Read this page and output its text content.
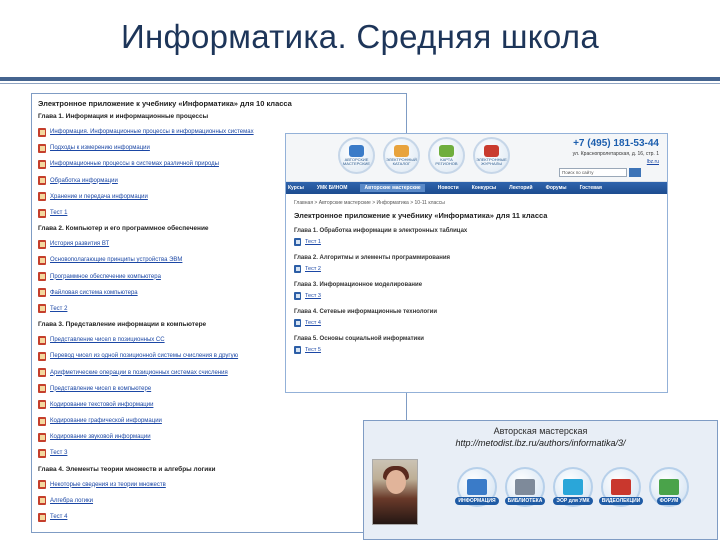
Информатика. Средняя школа
Электронное приложение к учебнику «Информатика» для 10 класса
Глава 1. Информация и информационные процессы
Информация. Информационные процессы в информационных системах
Подходы к измерению информации
Информационные процессы в системах различной природы
Обработка информации
Хранение и передача информации
Тест 1
Глава 2. Компьютер и его программное обеспечение
История развития ВТ
Основополагающие принципы устройства ЭВМ
Программное обеспечение компьютера
Файловая система компьютера
Тест 2
Глава 3. Представление информации в компьютере
Представление чисел в позиционных СС
Перевод чисел из одной позиционной системы счисления в другую
Арифметические операции в позиционных системах счисления
Представление чисел в компьютере
Кодирование текстовой информации
Кодирование графической информации
Кодирование звуковой информации
Тест 3
Глава 4. Элементы теории множеств и алгебры логики
Некоторые сведения из теории множеств
Алгебра логики
Тест 4
АВТОРСКИЕ МАСТЕРСКИЕ
ЭЛЕКТРОННЫЙ КАТАЛОГ
КАРТА РЕГИОНОВ
ЭЛЕКТРОННЫЕ ЖУРНАЛЫ
+7 (495) 181-53-44
ул. Краснопролетарская, д. 16, стр. 1
lbz.ru
Поиск по сайту
Курсы	УМК БИНОМ	Авторские мастерские	Новости	Конкурсы	Лекторий	Форумы	Гостевая
Главная > Авторские мастерские > Информатика > 10-11 классы
Электронное приложение к учебнику «Информатика» для 11 класса
Глава 1. Обработка информации в электронных таблицах
Тест 1
Глава 2. Алгоритмы и элементы программирования
Тест 2
Глава 3. Информационное моделирование
Тест 3
Глава 4. Сетевые информационные технологии
Тест 4
Глава 5. Основы социальной информатики
Тест 5
Авторская мастерская
http://metodist.lbz.ru/authors/informatika/3/
ИНФОРМАЦИЯ	БИБЛИОТЕКА	ЭОР для УМК	ВИДЕОЛЕКЦИИ	ФОРУМ
